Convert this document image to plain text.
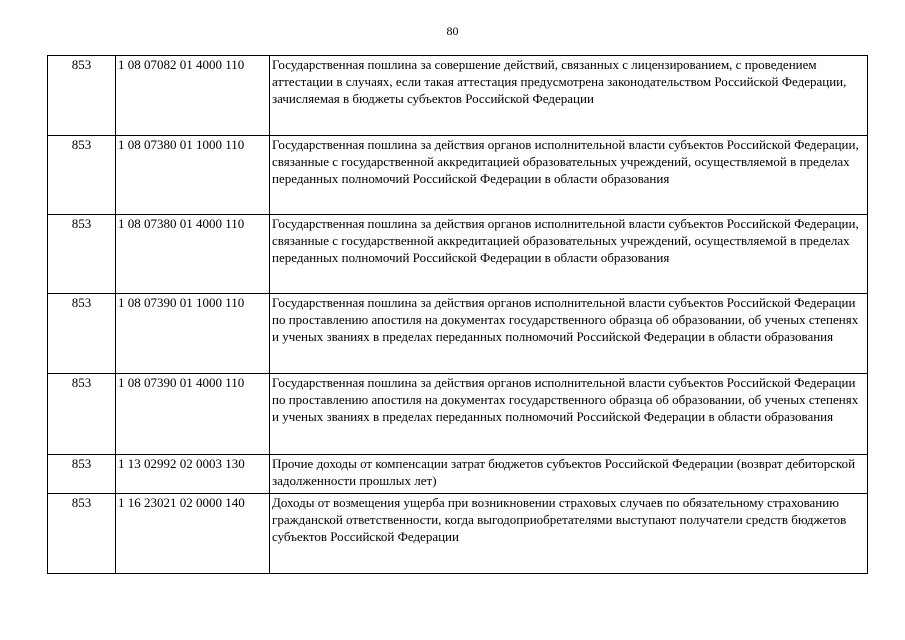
80
853	1 08 07082 01 4000 110	Государственная пошлина за совершение действий, связанных с лицензированием, с проведением аттестации в случаях, если такая аттестация предусмотрена законодательством Российской Федерации, зачисляемая в бюджеты субъектов Российской Федерации
853	1 08 07380 01 1000 110	Государственная пошлина за действия органов исполнительной власти субъектов Российской Федерации, связанные с государственной аккредитацией образовательных учреждений, осуществляемой в пределах переданных полномочий Российской Федерации в области образования
853	1 08 07380 01 4000 110	Государственная пошлина за действия органов исполнительной власти субъектов Российской Федерации, связанные с государственной аккредитацией образовательных учреждений, осуществляемой в пределах переданных полномочий Российской Федерации в области образования
853	1 08 07390 01 1000 110	Государственная пошлина за действия органов исполнительной власти субъектов Российской Федерации по проставлению апостиля на документах государственного образца об образовании, об ученых степенях и ученых званиях в пределах переданных полномочий Российской Федерации в области образования
853	1 08 07390 01 4000 110	Государственная пошлина за действия органов исполнительной власти субъектов Российской Федерации по проставлению апостиля на документах государственного образца об образовании, об ученых степенях и ученых званиях в пределах переданных полномочий Российской Федерации в области образования
853	1 13 02992 02 0003 130	Прочие доходы от компенсации затрат бюджетов субъектов Российской Федерации (возврат дебиторской задолженности прошлых лет)
853	1 16 23021 02 0000 140	Доходы от возмещения ущерба при возникновении страховых случаев по обязательному страхованию гражданской ответственности, когда выгодоприобретателями выступают получатели средств бюджетов субъектов Российской Федерации
